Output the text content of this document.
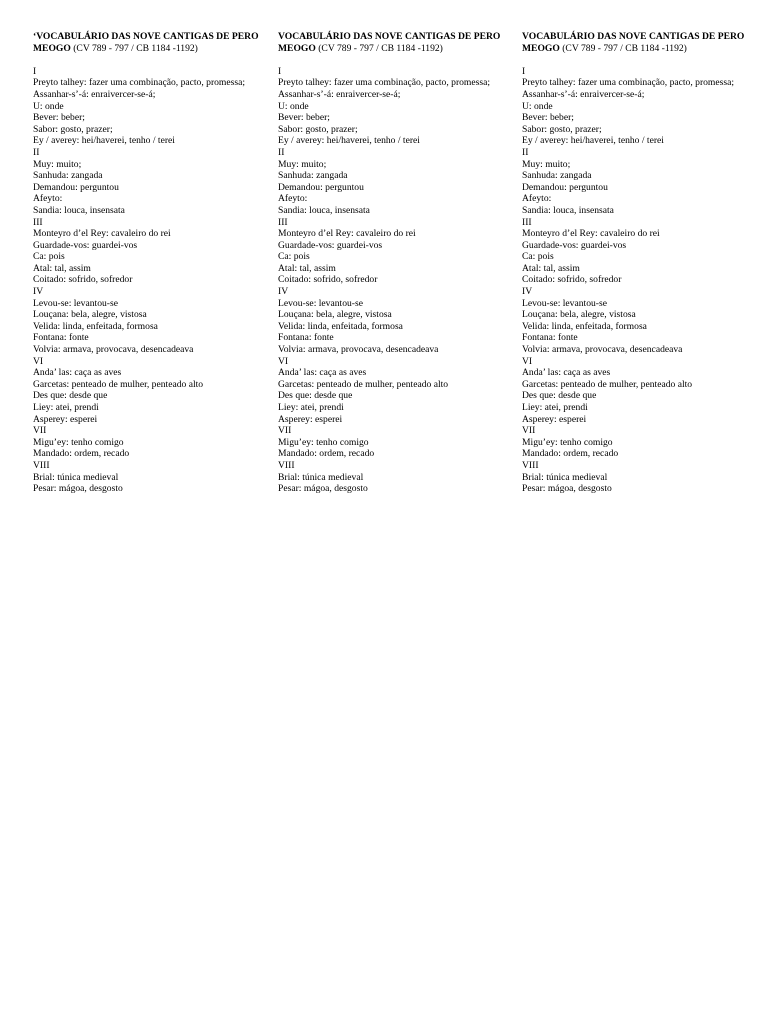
‘VOCABULÁRIO DAS NOVE CANTIGAS DE PERO MEOGO (CV 789 - 797 / CB 1184 -1192)
I
Preyto talhey: fazer uma combinação, pacto, promessa;
Assanhar-s’-á: enraivercer-se-á;
U: onde
Bever: beber;
Sabor: gosto, prazer;
Ey / averey: hei/haverei, tenho / terei
II
Muy: muito;
Sanhuda: zangada
Demandou: perguntou
Afeyto:
Sandia: louca, insensata
III
Monteyro d’el Rey: cavaleiro do rei
Guardade-vos: guardei-vos
Ca: pois
Atal: tal, assim
Coitado: sofrido, sofredor
IV
Levou-se: levantou-se
Louçana: bela, alegre, vistosa
Velida: linda, enfeitada, formosa
Fontana: fonte
Volvia: armava, provocava, desencadeava
VI
Anda’ las: caça as aves
Garcetas: penteado de mulher, penteado alto
Des que: desde que
Liey: atei, prendi
Asperey: esperei
VII
Migu’ey: tenho comigo
Mandado: ordem, recado
VIII
Brial: túnica medieval
Pesar: mágoa, desgosto
VOCABULÁRIO DAS NOVE CANTIGAS DE PERO MEOGO (CV 789 - 797 / CB 1184 -1192)
I
Preyto talhey: fazer uma combinação, pacto, promessa;
Assanhar-s’-á: enraivercer-se-á;
U: onde
Bever: beber;
Sabor: gosto, prazer;
Ey / averey: hei/haverei, tenho / terei
II
Muy: muito;
Sanhuda: zangada
Demandou: perguntou
Afeyto:
Sandia: louca, insensata
III
Monteyro d’el Rey: cavaleiro do rei
Guardade-vos: guardei-vos
Ca: pois
Atal: tal, assim
Coitado: sofrido, sofredor
IV
Levou-se: levantou-se
Louçana: bela, alegre, vistosa
Velida: linda, enfeitada, formosa
Fontana: fonte
Volvia: armava, provocava, desencadeava
VI
Anda’ las: caça as aves
Garcetas: penteado de mulher, penteado alto
Des que: desde que
Liey: atei, prendi
Asperey: esperei
VII
Migu’ey: tenho comigo
Mandado: ordem, recado
VIII
Brial: túnica medieval
Pesar: mágoa, desgosto
VOCABULÁRIO DAS NOVE CANTIGAS DE PERO MEOGO (CV 789 - 797 / CB 1184 -1192)
I
Preyto talhey: fazer uma combinação, pacto, promessa;
Assanhar-s’-á: enraivercer-se-á;
U: onde
Bever: beber;
Sabor: gosto, prazer;
Ey / averey: hei/haverei, tenho / terei
II
Muy: muito;
Sanhuda: zangada
Demandou: perguntou
Afeyto:
Sandia: louca, insensata
III
Monteyro d’el Rey: cavaleiro do rei
Guardade-vos: guardei-vos
Ca: pois
Atal: tal, assim
Coitado: sofrido, sofredor
IV
Levou-se: levantou-se
Louçana: bela, alegre, vistosa
Velida: linda, enfeitada, formosa
Fontana: fonte
Volvia: armava, provocava, desencadeava
VI
Anda’ las: caça as aves
Garcetas: penteado de mulher, penteado alto
Des que: desde que
Liey: atei, prendi
Asperey: esperei
VII
Migu’ey: tenho comigo
Mandado: ordem, recado
VIII
Brial: túnica medieval
Pesar: mágoa, desgosto
